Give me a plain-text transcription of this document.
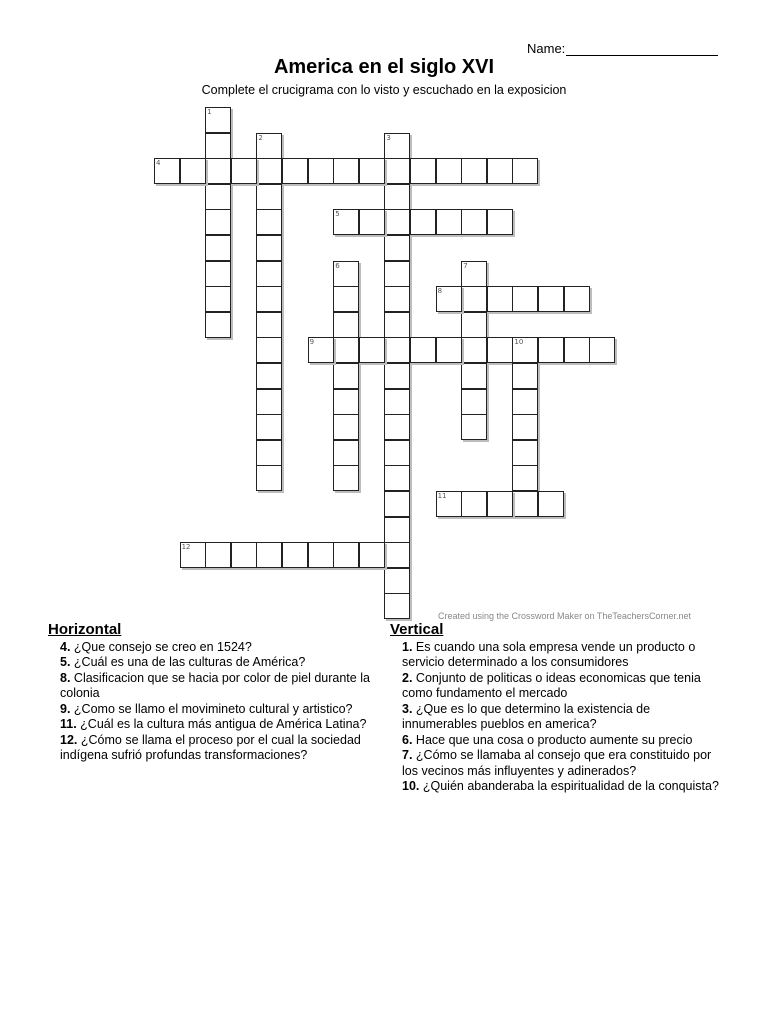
Name:
America en el siglo XVI
Complete el crucigrama con lo visto y escuchado en la exposicion
1
2	3
4
5
6	7
8
9	10
11
12
Created using the Crossword Maker on TheTeachersCorner.net
Horizontal
4. ¿Que consejo se creo en 1524?
5. ¿Cuál es una de las culturas de América?
8. Clasificacion que se hacia por color de piel durante la colonia
9. ¿Como se llamo el movimineto cultural y artistico?
11. ¿Cuál es la cultura más antigua de América Latina?
12. ¿Cómo se llama el proceso por el cual la sociedad indígena sufrió profundas transformaciones?
Vertical
1. Es cuando una sola empresa vende un producto o servicio determinado a los consumidores
2. Conjunto de politicas o ideas economicas que tenia como fundamento el mercado
3. ¿Que es lo que determino la existencia de innumerables pueblos en america?
6. Hace que una cosa o producto aumente su precio
7. ¿Cómo se llamaba al consejo que era constituido por los vecinos más influyentes y adinerados?
10. ¿Quién abanderaba la espiritualidad de la conquista?
